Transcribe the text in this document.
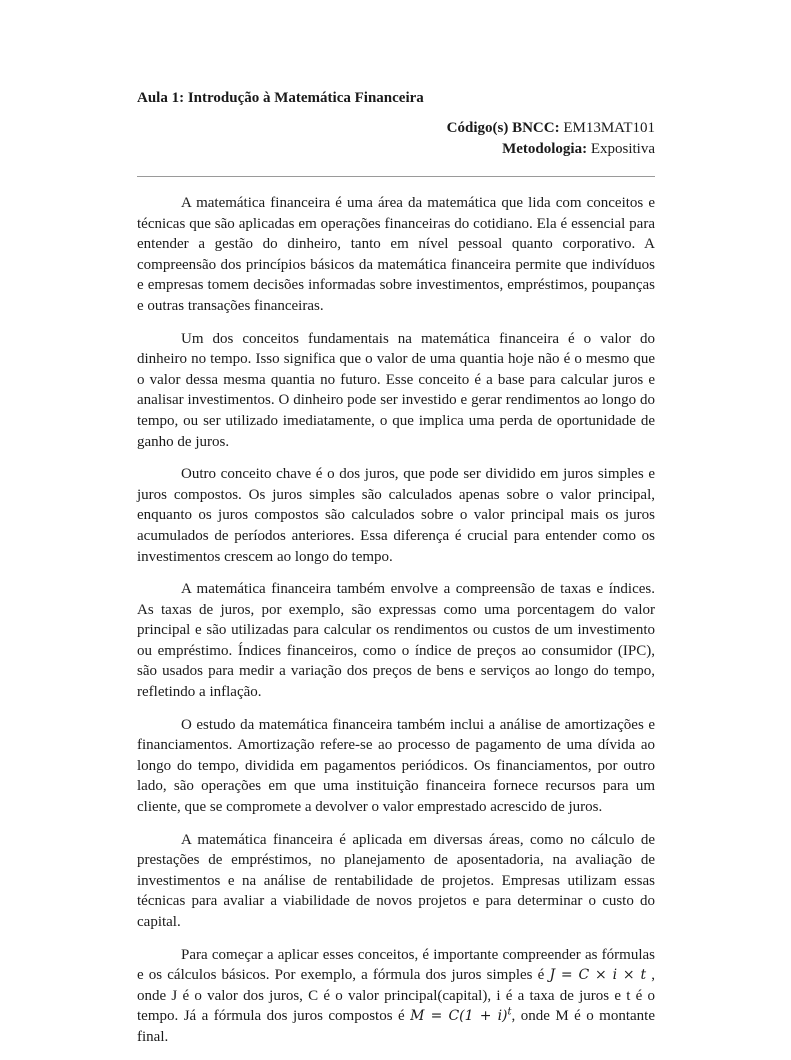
Aula 1: Introdução à Matemática Financeira
Código(s) BNCC: EM13MAT101
Metodologia: Expositiva

A matemática financeira é uma área da matemática que lida com conceitos e técnicas que são aplicadas em operações financeiras do cotidiano. Ela é essencial para entender a gestão do dinheiro, tanto em nível pessoal quanto corporativo. A compreensão dos princípios básicos da matemática financeira permite que indivíduos e empresas tomem decisões informadas sobre investimentos, empréstimos, poupanças e outras transações financeiras.

Um dos conceitos fundamentais na matemática financeira é o valor do dinheiro no tempo. Isso significa que o valor de uma quantia hoje não é o mesmo que o valor dessa mesma quantia no futuro. Esse conceito é a base para calcular juros e analisar investimentos. O dinheiro pode ser investido e gerar rendimentos ao longo do tempo, ou ser utilizado imediatamente, o que implica uma perda de oportunidade de ganho de juros.

Outro conceito chave é o dos juros, que pode ser dividido em juros simples e juros compostos. Os juros simples são calculados apenas sobre o valor principal, enquanto os juros compostos são calculados sobre o valor principal mais os juros acumulados de períodos anteriores. Essa diferença é crucial para entender como os investimentos crescem ao longo do tempo.

A matemática financeira também envolve a compreensão de taxas e índices. As taxas de juros, por exemplo, são expressas como uma porcentagem do valor principal e são utilizadas para calcular os rendimentos ou custos de um investimento ou empréstimo. Índices financeiros, como o índice de preços ao consumidor (IPC), são usados para medir a variação dos preços de bens e serviços ao longo do tempo, refletindo a inflação.

O estudo da matemática financeira também inclui a análise de amortizações e financiamentos. Amortização refere-se ao processo de pagamento de uma dívida ao longo do tempo, dividida em pagamentos periódicos. Os financiamentos, por outro lado, são operações em que uma instituição financeira fornece recursos para um cliente, que se compromete a devolver o valor emprestado acrescido de juros.

A matemática financeira é aplicada em diversas áreas, como no cálculo de prestações de empréstimos, no planejamento de aposentadoria, na avaliação de investimentos e na análise de rentabilidade de projetos. Empresas utilizam essas técnicas para avaliar a viabilidade de novos projetos e para determinar o custo do capital.

Para começar a aplicar esses conceitos, é importante compreender as fórmulas e os cálculos básicos. Por exemplo, a fórmula dos juros simples é J = C × i × t , onde J é o valor dos juros, C é o valor principal(capital), i é a taxa de juros e t é o tempo. Já a fórmula dos juros compostos é $M = C(1 + i)^t$, onde M é o montante final.
